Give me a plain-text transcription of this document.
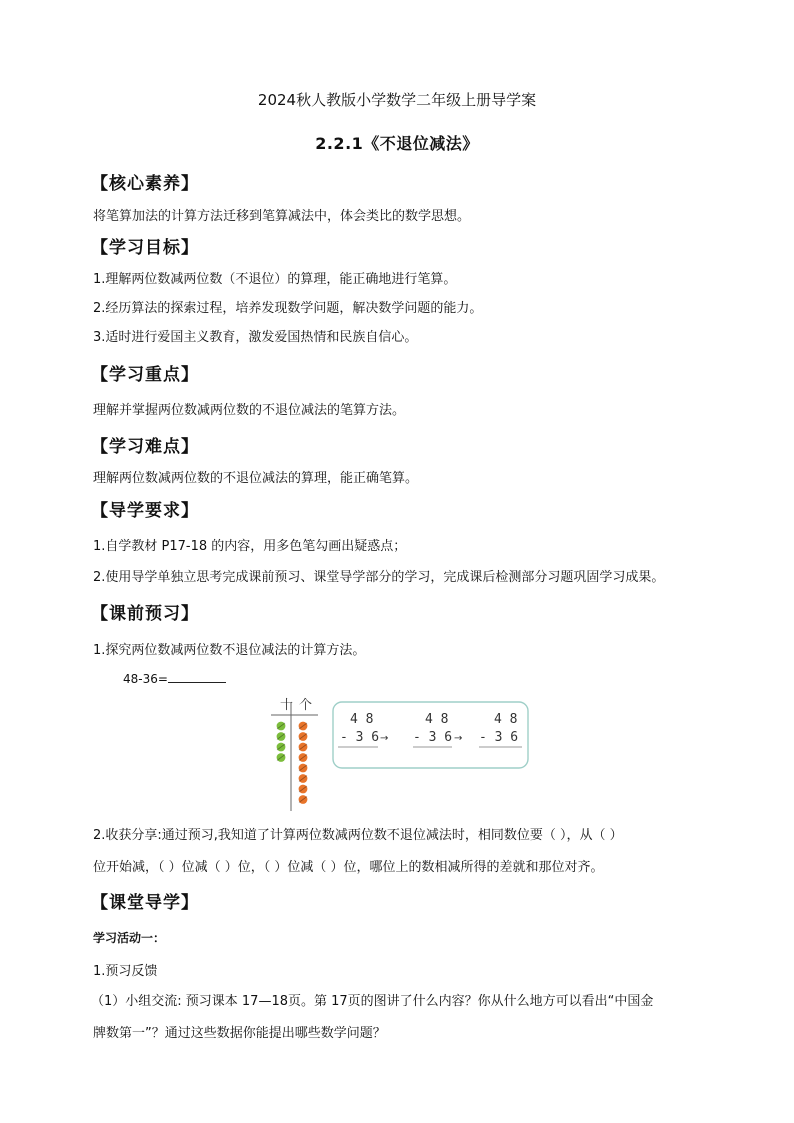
2024秋人教版小学数学二年级上册导学案
2.2.1《不退位减法》
【核心素养】
将笔算加法的计算方法迁移到笔算减法中，体会类比的数学思想。
【学习目标】
1.理解两位数减两位数（不退位）的算理，能正确地进行笔算。
2.经历算法的探索过程，培养发现数学问题，解决数学问题的能力。
3.适时进行爱国主义教育，激发爱国热情和民族自信心。
【学习重点】
理解并掌握两位数减两位数的不退位减法的笔算方法。
【学习难点】
理解两位数减两位数的不退位减法的算理，能正确笔算。
【导学要求】
1.自学教材 P17-18 的内容，用多色笔勾画出疑惑点；
2.使用导学单独立思考完成课前预习、课堂导学部分的学习，完成课后检测部分习题巩固学习成果。
【课前预习】
1.探究两位数减两位数不退位减法的计算方法。
48-36=
十 个
4 8
- 3 6 →
4 8
- 3 6 →
4 8
- 3 6
2.收获分享:通过预习,我知道了计算两位数减两位数不退位减法时，相同数位要（ ），从（ ）
位开始减，（ ）位减（ ）位，（ ）位减（ ）位，哪位上的数相减所得的差就和那位对齐。
【课堂导学】
学习活动一：
1.预习反馈
（1）小组交流: 预习课本 17—18页。第 17页的图讲了什么内容？你从什么地方可以看出“中国金
牌数第一”？通过这些数据你能提出哪些数学问题？
